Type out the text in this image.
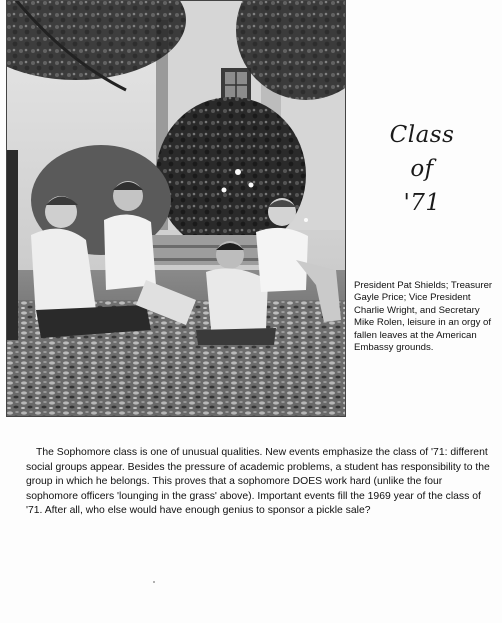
Class
of
'71
President Pat Shields; Treasurer Gayle Price; Vice President Charlie Wright, and Secretary Mike Rolen, leisure in an orgy of fallen leaves at the American Embassy grounds.

The Sophomore class is one of unusual qualities. New events emphasize the class of '71: different social groups appear. Besides the pressure of academic problems, a student has responsibility to the group in which he belongs. This proves that a sophomore DOES work hard (unlike the four sophomore officers 'lounging in the grass' above). Important events fill the 1969 year of the class of '71. After all, who else would have enough genius to sponsor a pickle sale?
